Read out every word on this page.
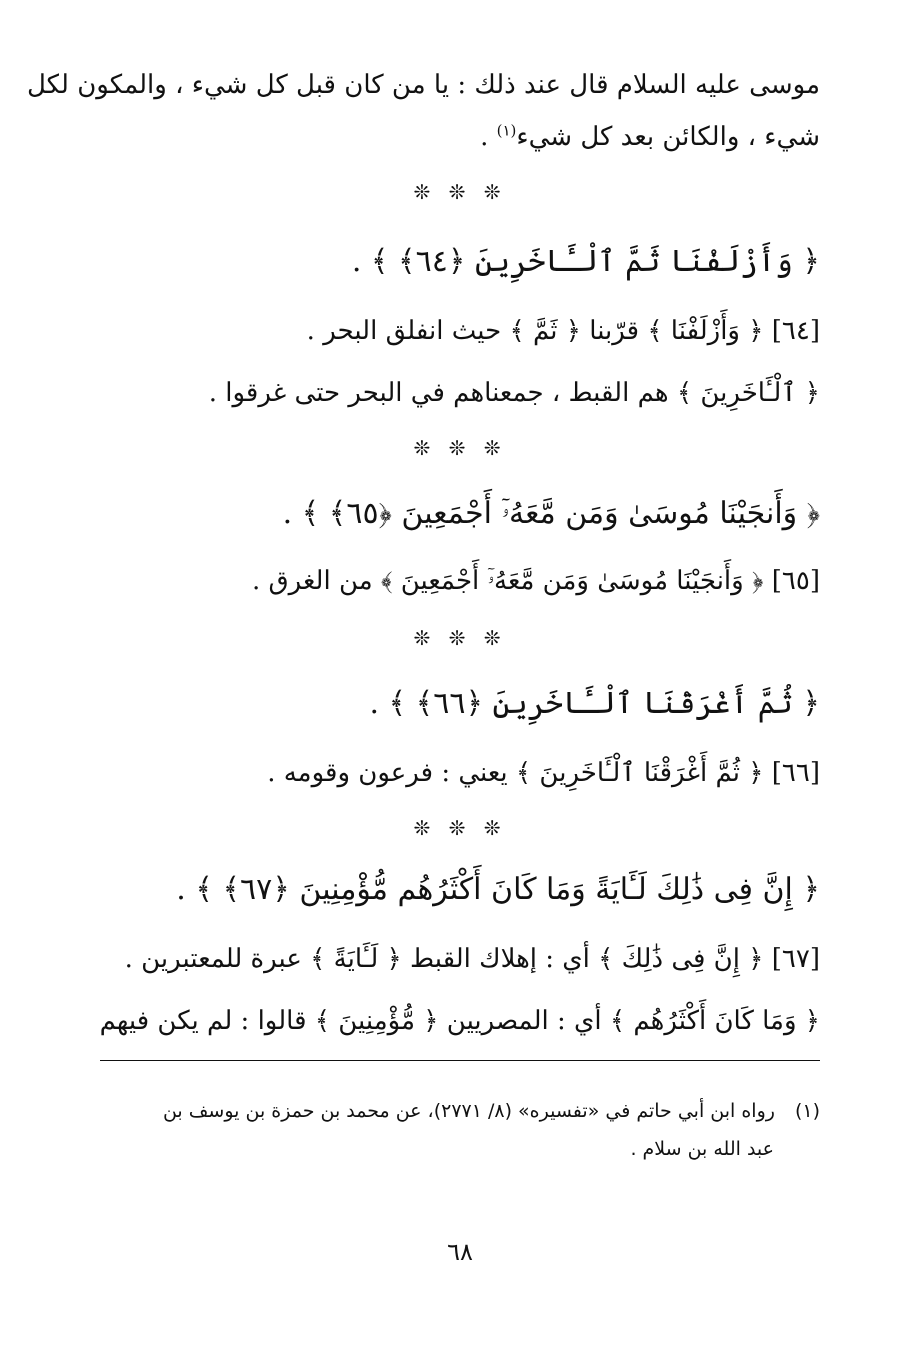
موسى عليه السلام قال عند ذلك : يا من كان قبل كل شيء ، والمكون لكل
شيء ، والكائن بعد كل شيء$^{(١)}$ .
❊ ❊ ❊
﴿ وَأَزْلَفْنَا ثَمَّ ٱلْـَٔاخَرِينَ ﴿٦٤﴾ ﴾ .
[٦٤] ﴿ وَأَزْلَفْنَا ﴾ قرّبنا ﴿ ثَمَّ ﴾ حيث انفلق البحر .
﴿ ٱلْـَٔاخَرِينَ ﴾ هم القبط ، جمعناهم في البحر حتى غرقوا .
❊ ❊ ❊
﴿ وَأَنجَيْنَا مُوسَىٰ وَمَن مَّعَهُۥٓ أَجْمَعِينَ ﴿٦٥﴾ ﴾ .
[٦٥] ﴿ وَأَنجَيْنَا مُوسَىٰ وَمَن مَّعَهُۥٓ أَجْمَعِينَ ﴾ من الغرق .
❊ ❊ ❊
﴿ ثُمَّ أَغْرَقْنَا ٱلْـَٔاخَرِينَ ﴿٦٦﴾ ﴾ .
[٦٦] ﴿ ثُمَّ أَغْرَقْنَا ٱلْـَٔاخَرِينَ ﴾ يعني : فرعون وقومه .
❊ ❊ ❊
﴿ إِنَّ فِى ذَٰلِكَ لَـَٔايَةً وَمَا كَانَ أَكْثَرُهُم مُّؤْمِنِينَ ﴿٦٧﴾ ﴾ .
[٦٧] ﴿ إِنَّ فِى ذَٰلِكَ ﴾ أي : إهلاك القبط ﴿ لَـَٔايَةً ﴾ عبرة للمعتبرين .
﴿ وَمَا كَانَ أَكْثَرُهُم ﴾ أي : المصريين ﴿ مُّؤْمِنِينَ ﴾ قالوا : لم يكن فيهم
(١)رواه ابن أبي حاتم في «تفسيره» (٨/ ٢٧٧١)، عن محمد بن حمزة بن يوسف بن
عبد الله بن سلام .
٦٨
